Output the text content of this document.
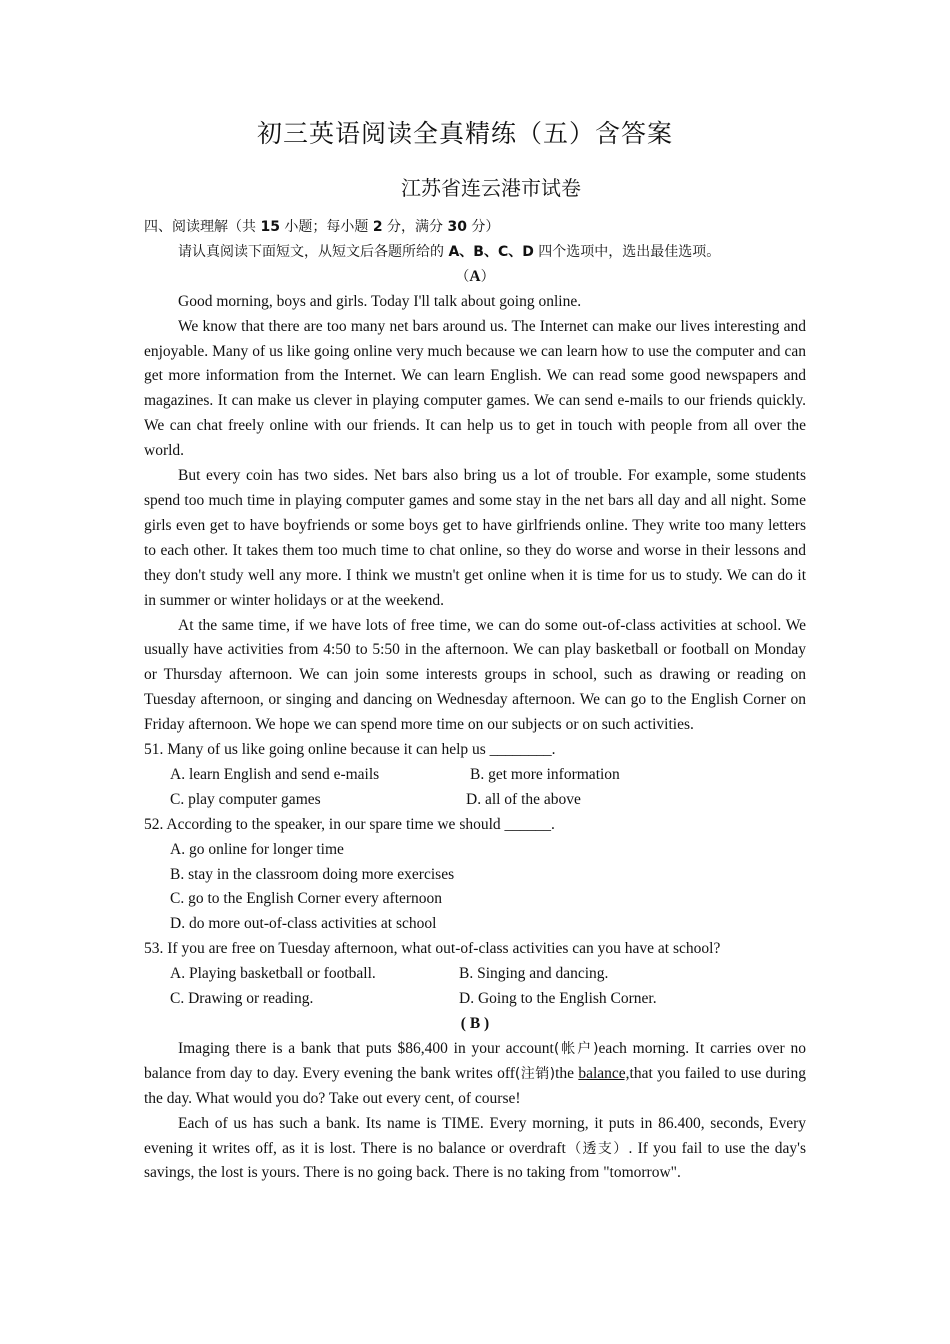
初三英语阅读全真精练（五）含答案
江苏省连云港市试卷
四、阅读理解（共 15 小题；每小题 2 分，满分 30 分）
请认真阅读下面短文，从短文后各题所给的 A、B、C、D 四个选项中，选出最佳选项。
（A）
Good morning, boys and girls. Today I'll talk about going online.
We know that there are too many net bars around us. The Internet can make our lives interesting and enjoyable. Many of us like going online very much because we can learn how to use the computer and can get more information from the Internet. We can learn English. We can read some good newspapers and magazines. It can make us clever in playing computer games. We can send e-mails to our friends quickly. We can chat freely online with our friends. It can help us to get in touch with people from all over the world.
But every coin has two sides. Net bars also bring us a lot of trouble. For example, some students spend too much time in playing computer games and some stay in the net bars all day and all night. Some girls even get to have boyfriends or some boys get to have girlfriends online. They write too many letters to each other. It takes them too much time to chat online, so they do worse and worse in their lessons and they don't study well any more. I think we mustn't get online when it is time for us to study. We can do it in summer or winter holidays or at the weekend.
At the same time, if we have lots of free time, we can do some out-of-class activities at school. We usually have activities from 4:50 to 5:50 in the afternoon. We can play basketball or football on Monday or Thursday afternoon. We can join some interests groups in school, such as drawing or reading on Tuesday afternoon, or singing and dancing on Wednesday afternoon. We can go to the English Corner on Friday afternoon. We hope we can spend more time on our subjects or on such activities.
51. Many of us like going online because it can help us ________.
A. learn English and send e-mails	B. get more information
C. play computer games	D. all of the above
52. According to the speaker, in our spare time we should ______.
A. go online for longer time
B. stay in the classroom doing more exercises
C. go to the English Corner every afternoon
D. do more out-of-class activities at school
53. If you are free on Tuesday afternoon, what out-of-class activities can you have at school?
A. Playing basketball or football.	B. Singing and dancing.
C. Drawing or reading.	D. Going to the English Corner.
( B )
Imaging there is a bank that puts $86,400 in your account(帐户)each morning. It carries over no balance from day to day. Every evening the bank writes off(注销)the balance,that you failed to use during the day. What would you do? Take out every cent, of course!
Each of us has such a bank. Its name is TIME. Every morning, it puts in 86.400, seconds, Every evening it writes off, as it is lost. There is no balance or overdraft（透支）. If you fail to use the day's savings, the lost is yours. There is no going back. There is no taking from "tomorrow".
